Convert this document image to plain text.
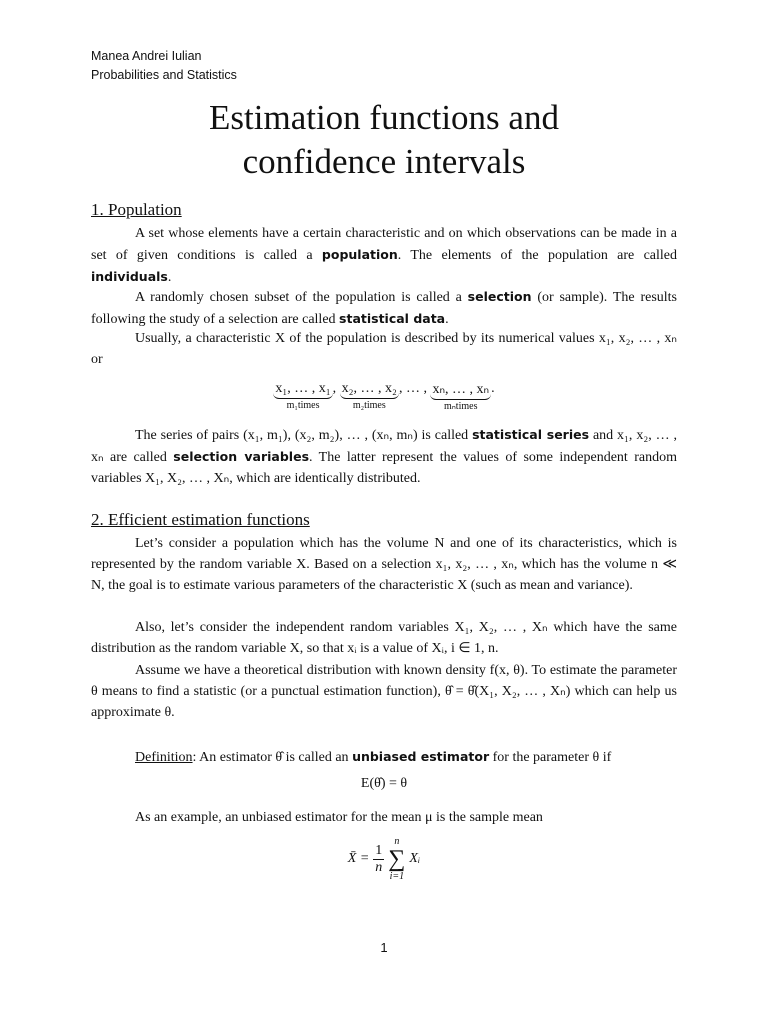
Manea Andrei Iulian
Probabilities and Statistics
Estimation functions and
confidence intervals
1. Population
A set whose elements have a certain characteristic and on which observations can be made in a set of given conditions is called a population. The elements of the population are called individuals.
A randomly chosen subset of the population is called a selection (or sample). The results following the study of a selection are called statistical data.
Usually, a characteristic X of the population is described by its numerical values x₁, x₂, … , xₙ or
x₁, … , x₁
m₁times
, x₂, … , x₂
m₂times
, … , xₙ, … , xₙ
mₙtimes
.
The series of pairs (x₁, m₁), (x₂, m₂), … , (xₙ, mₙ) is called statistical series and x₁, x₂, … , xₙ are called selection variables. The latter represent the values of some independent random variables X₁, X₂, … , Xₙ, which are identically distributed.
2. Efficient estimation functions
Let’s consider a population which has the volume N and one of its characteristics, which is represented by the random variable X. Based on a selection x₁, x₂, … , xₙ, which has the volume n ≪ N, the goal is to estimate various parameters of the characteristic X (such as mean and variance).
Also, let’s consider the independent random variables X₁, X₂, … , Xₙ which have the same distribution as the random variable X, so that xᵢ is a value of Xᵢ, i ∈ 1, n.
Assume we have a theoretical distribution with known density f(x, θ). To estimate the parameter θ means to find a statistic (or a punctual estimation function), θ̂ = θ̂(X₁, X₂, … , Xₙ) which can help us approximate θ.
Definition: An estimator θ̂ is called an unbiased estimator for the parameter θ if
E(θ̂) = θ
As an example, an unbiased estimator for the mean μ is the sample mean
X̄ = $\frac{1}{n}$
n
∑
i=1
Xᵢ
1
